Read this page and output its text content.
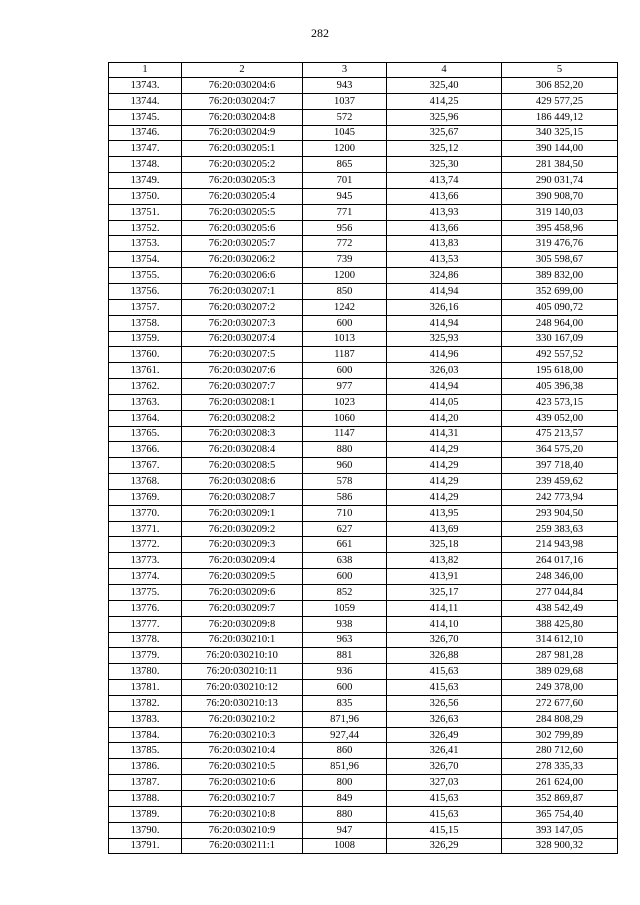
282
1	2	3	4	5
13743.	76:20:030204:6	943	325,40	306 852,20
13744.	76:20:030204:7	1037	414,25	429 577,25
13745.	76:20:030204:8	572	325,96	186 449,12
13746.	76:20:030204:9	1045	325,67	340 325,15
13747.	76:20:030205:1	1200	325,12	390 144,00
13748.	76:20:030205:2	865	325,30	281 384,50
13749.	76:20:030205:3	701	413,74	290 031,74
13750.	76:20:030205:4	945	413,66	390 908,70
13751.	76:20:030205:5	771	413,93	319 140,03
13752.	76:20:030205:6	956	413,66	395 458,96
13753.	76:20:030205:7	772	413,83	319 476,76
13754.	76:20:030206:2	739	413,53	305 598,67
13755.	76:20:030206:6	1200	324,86	389 832,00
13756.	76:20:030207:1	850	414,94	352 699,00
13757.	76:20:030207:2	1242	326,16	405 090,72
13758.	76:20:030207:3	600	414,94	248 964,00
13759.	76:20:030207:4	1013	325,93	330 167,09
13760.	76:20:030207:5	1187	414,96	492 557,52
13761.	76:20:030207:6	600	326,03	195 618,00
13762.	76:20:030207:7	977	414,94	405 396,38
13763.	76:20:030208:1	1023	414,05	423 573,15
13764.	76:20:030208:2	1060	414,20	439 052,00
13765.	76:20:030208:3	1147	414,31	475 213,57
13766.	76:20:030208:4	880	414,29	364 575,20
13767.	76:20:030208:5	960	414,29	397 718,40
13768.	76:20:030208:6	578	414,29	239 459,62
13769.	76:20:030208:7	586	414,29	242 773,94
13770.	76:20:030209:1	710	413,95	293 904,50
13771.	76:20:030209:2	627	413,69	259 383,63
13772.	76:20:030209:3	661	325,18	214 943,98
13773.	76:20:030209:4	638	413,82	264 017,16
13774.	76:20:030209:5	600	413,91	248 346,00
13775.	76:20:030209:6	852	325,17	277 044,84
13776.	76:20:030209:7	1059	414,11	438 542,49
13777.	76:20:030209:8	938	414,10	388 425,80
13778.	76:20:030210:1	963	326,70	314 612,10
13779.	76:20:030210:10	881	326,88	287 981,28
13780.	76:20:030210:11	936	415,63	389 029,68
13781.	76:20:030210:12	600	415,63	249 378,00
13782.	76:20:030210:13	835	326,56	272 677,60
13783.	76:20:030210:2	871,96	326,63	284 808,29
13784.	76:20:030210:3	927,44	326,49	302 799,89
13785.	76:20:030210:4	860	326,41	280 712,60
13786.	76:20:030210:5	851,96	326,70	278 335,33
13787.	76:20:030210:6	800	327,03	261 624,00
13788.	76:20:030210:7	849	415,63	352 869,87
13789.	76:20:030210:8	880	415,63	365 754,40
13790.	76:20:030210:9	947	415,15	393 147,05
13791.	76:20:030211:1	1008	326,29	328 900,32
